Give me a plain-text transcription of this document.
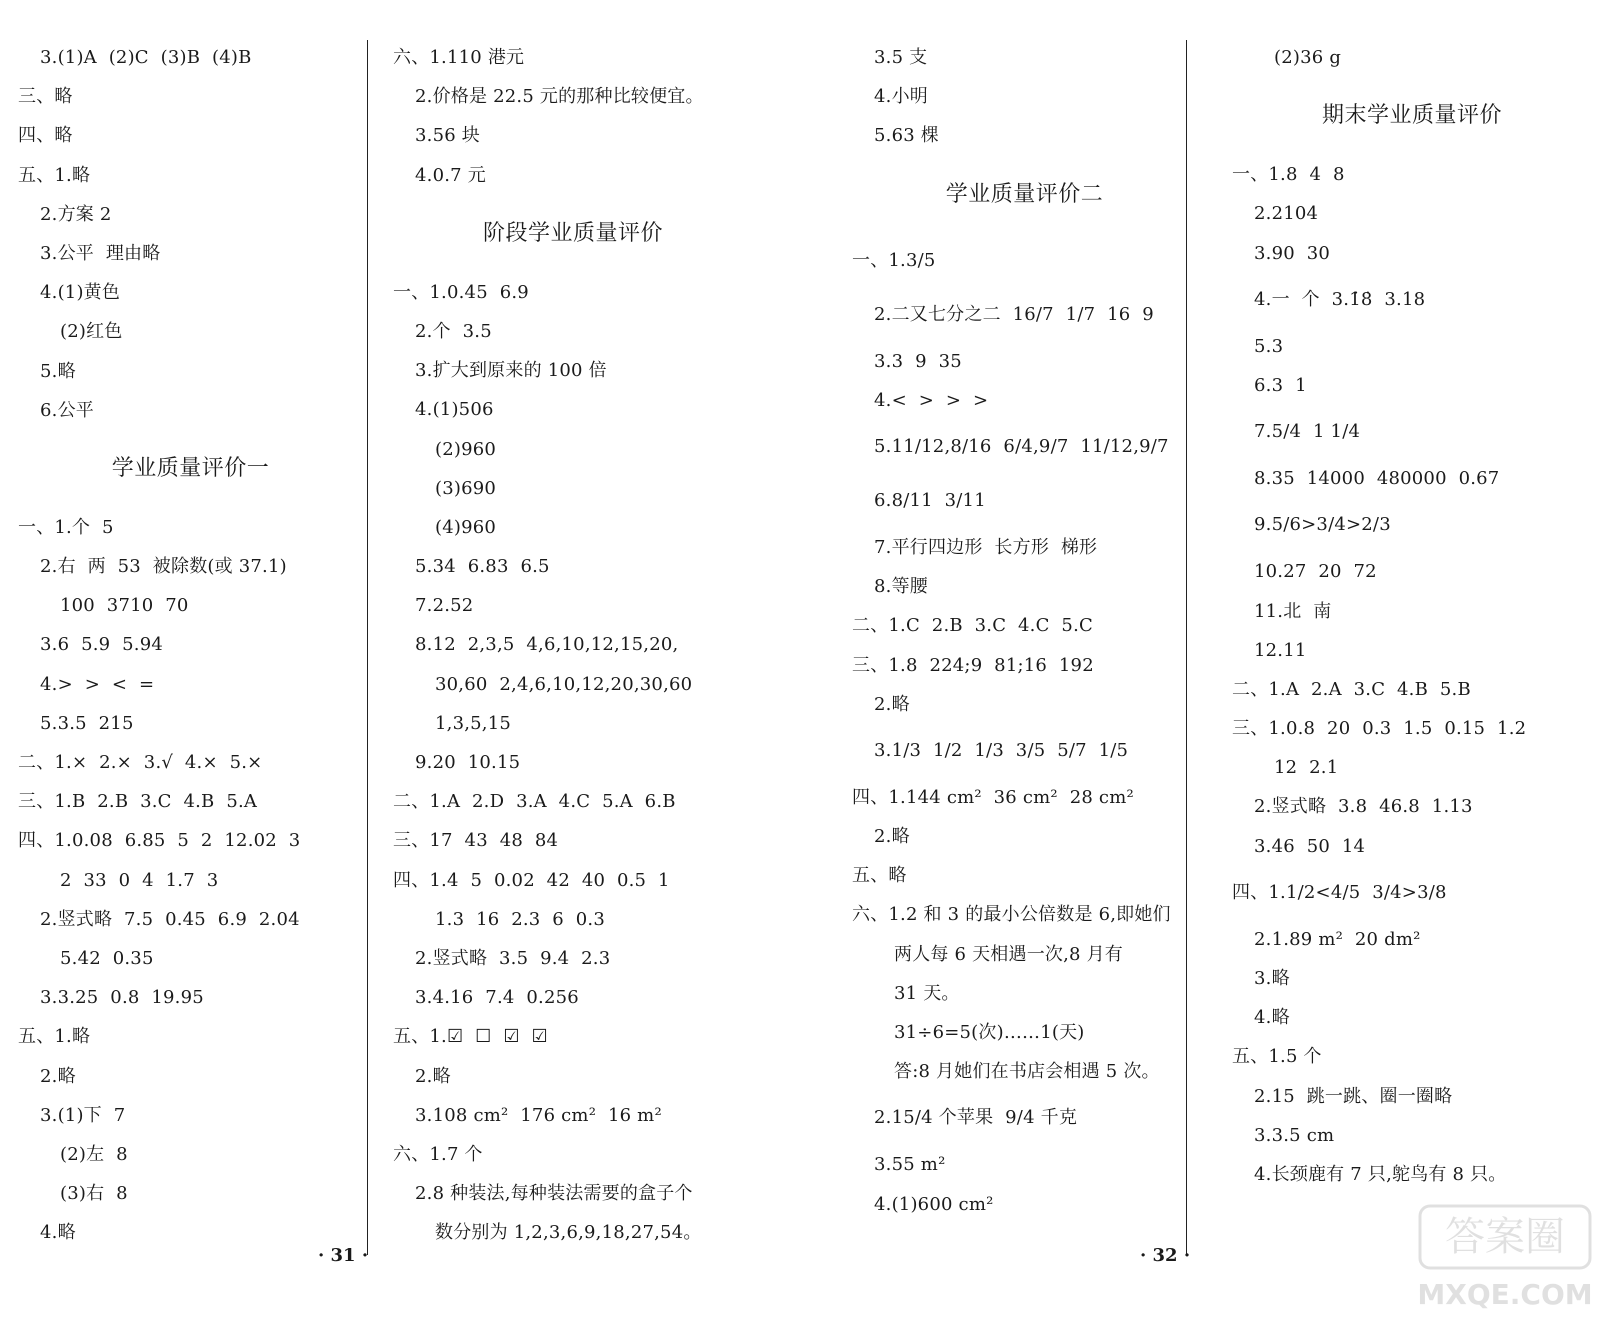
3.(1)A  (2)C  (3)B  (4)B
三、略
四、略
五、1.略
2.方案 2
3.公平  理由略
4.(1)黄色
(2)红色
5.略
6.公平
学业质量评价一
一、1.个  5
2.右  两  53  被除数(或 37.1)
100  3710  70
3.6  5.9  5.94
4.>  >  <  =
5.3.5  215
二、1.×  2.×  3.√  4.×  5.×
三、1.B  2.B  3.C  4.B  5.A
四、1.0.08  6.85  5  2  12.02  3
2  33  0  4  1.7  3
2.竖式略  7.5  0.45  6.9  2.04
5.42  0.35
3.3.25  0.8  19.95
五、1.略
2.略
3.(1)下  7
(2)左  8
(3)右  8
4.略
六、1.110 港元
2.价格是 22.5 元的那种比较便宜。
3.56 块
4.0.7 元
阶段学业质量评价
一、1.0.45  6.9
2.个  3.5
3.扩大到原来的 100 倍
4.(1)506
(2)960
(3)690
(4)960
5.34  6.83  6.5
7.2.52
8.12  2,3,5  4,6,10,12,15,20,
30,60  2,4,6,10,12,20,30,60
1,3,5,15
9.20  10.15
二、1.A  2.D  3.A  4.C  5.A  6.B
三、17  43  48  84
四、1.4  5  0.02  42  40  0.5  1
1.3  16  2.3  6  0.3
2.竖式略  3.5  9.4  2.3
3.4.16  7.4  0.256
五、1.☑  ☐  ☑  ☑
2.略
3.108 cm²  176 cm²  16 m²
六、1.7 个
2.8 种装法,每种装法需要的盒子个
数分别为 1,2,3,6,9,18,27,54。
3.5 支
4.小明
5.63 棵
学业质量评价二
一、1.3/5
2.二又七分之二  16/7  1/7  16  9
3.3  9  35
4.<  >  >  >
5.11/12,8/16  6/4,9/7  11/12,9/7
6.8/11  3/11
7.平行四边形  长方形  梯形
8.等腰
二、1.C  2.B  3.C  4.C  5.C
三、1.8  224;9  81;16  192
2.略
3.1/3  1/2  1/3  3/5  5/7  1/5
四、1.144 cm²  36 cm²  28 cm²
2.略
五、略
六、1.2 和 3 的最小公倍数是 6,即她们
两人每 6 天相遇一次,8 月有
31 天。
31÷6=5(次)……1(天)
答:8 月她们在书店会相遇 5 次。
2.15/4 个苹果  9/4 千克
3.55 m²
4.(1)600 cm²
(2)36 g
期末学业质量评价
一、1.8  4  8
2.2104
3.90  30
4.一  个  3.1̇8̇  3.18
5.3
6.3  1
7.5/4  1 1/4
8.35  14000  480000  0.67
9.5/6>3/4>2/3
10.27  20  72
11.北  南
12.11
二、1.A  2.A  3.C  4.B  5.B
三、1.0.8  20  0.3  1.5  0.15  1.2
12  2.1
2.竖式略  3.8  46.8  1.13
3.46  50  14
四、1.1/2<4/5  3/4>3/8
2.1.89 m²  20 dm²
3.略
4.略
五、1.5 个
2.15  跳一跳、圈一圈略
3.3.5 cm
4.长颈鹿有 7 只,鸵鸟有 8 只。
· 31 ·	· 32 ·	答案圈
MXQE.COM
